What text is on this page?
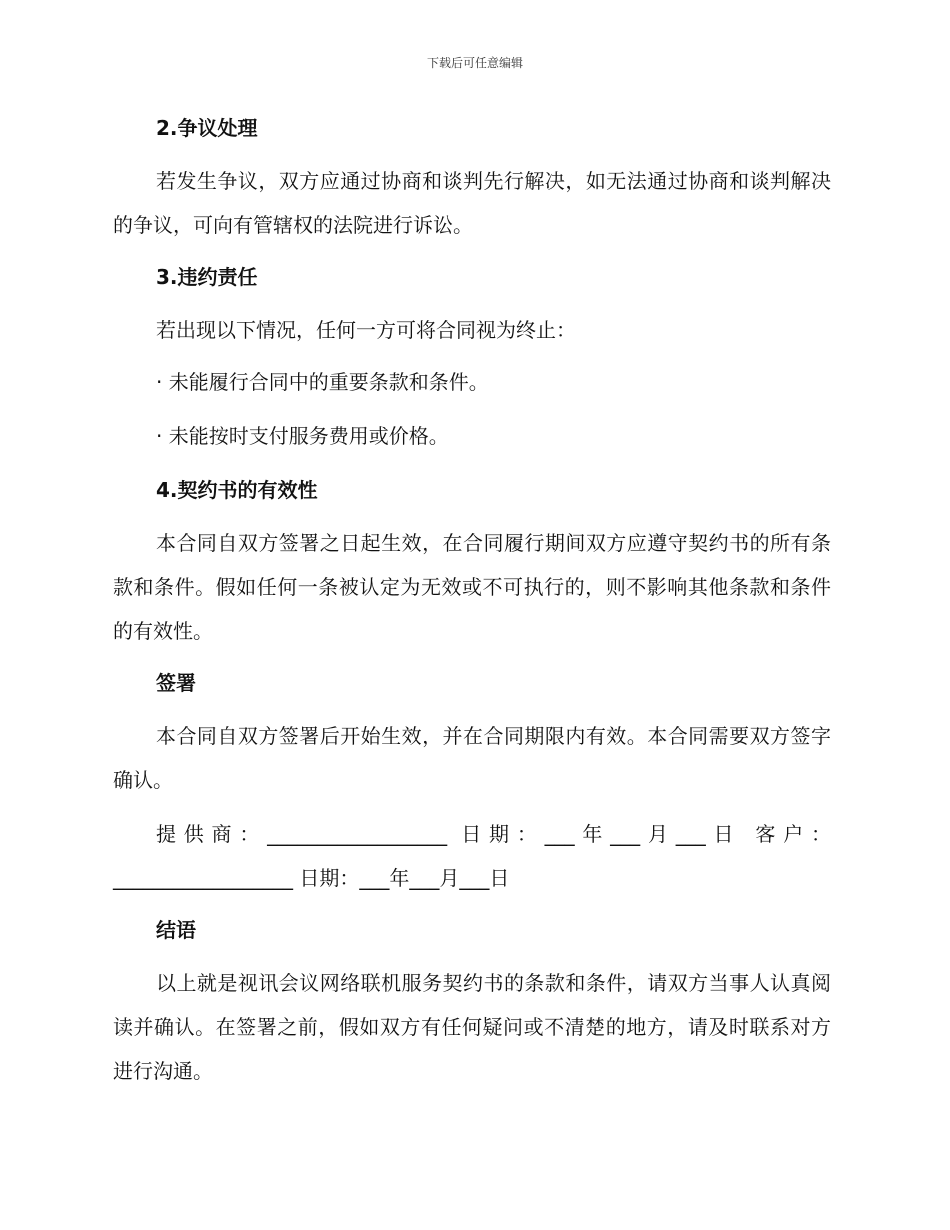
下载后可任意编辑
2.争议处理

若发生争议，双方应通过协商和谈判先行解决，如无法通过协商和谈判解决的争议，可向有管辖权的法院进行诉讼。

3.违约责任

若出现以下情况，任何一方可将合同视为终止：

· 未能履行合同中的重要条款和条件。
· 未能按时支付服务费用或价格。
4.契约书的有效性

本合同自双方签署之日起生效，在合同履行期间双方应遵守契约书的所有条款和条件。假如任何一条被认定为无效或不可执行的，则不影响其他条款和条件的有效性。

签署

本合同自双方签署后开始生效，并在合同期限内有效。本合同需要双方签字确认。

提供商：__________________ 日期：___年___月___日 客户：__________________ 日期：___年___月___日

结语

以上就是视讯会议网络联机服务契约书的条款和条件，请双方当事人认真阅读并确认。在签署之前，假如双方有任何疑问或不清楚的地方，请及时联系对方进行沟通。
